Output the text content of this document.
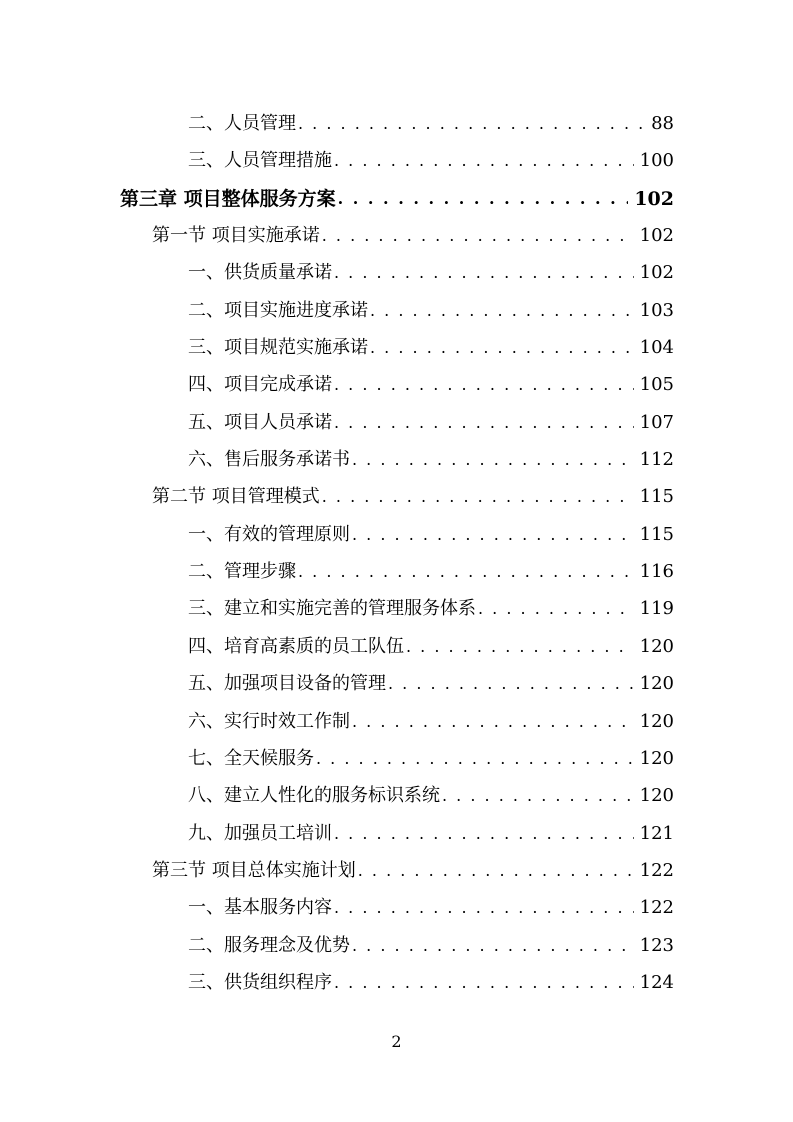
二、人员管理 . . .	88
三、人员管理措施 . . .	100
第三章 项目整体服务方案 . . .	102
第一节 项目实施承诺 . . .	102
一、供货质量承诺 . . .	102
二、项目实施进度承诺 . . .	103
三、项目规范实施承诺 . . .	104
四、项目完成承诺 . . .	105
五、项目人员承诺 . . .	107
六、售后服务承诺书 . . .	112
第二节 项目管理模式 . . .	115
一、有效的管理原则 . . .	115
二、管理步骤 . . .	116
三、建立和实施完善的管理服务体系 . . .	119
四、培育高素质的员工队伍 . . .	120
五、加强项目设备的管理 . . .	120
六、实行时效工作制 . . .	120
七、全天候服务 . . .	120
八、建立人性化的服务标识系统 . . .	120
九、加强员工培训 . . .	121
第三节 项目总体实施计划 . . .	122
一、基本服务内容 . . .	122
二、服务理念及优势 . . .	123
三、供货组织程序 . . .	124
2
